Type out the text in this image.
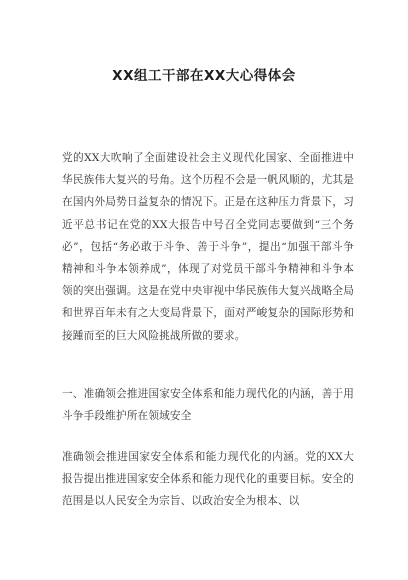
XX组工干部在XX大心得体会

党的XX大吹响了全面建设社会主义现代化国家、全面推进中华民族伟大复兴的号角。这个历程不会是一帆风顺的，尤其是在国内外局势日益复杂的情况下。正是在这种压力背景下，习近平总书记在党的XX大报告中号召全党同志要做到“三个务必”，包括“务必敢于斗争、善于斗争”，提出“加强干部斗争精神和斗争本领养成”，体现了对党员干部斗争精神和斗争本领的突出强调。这是在党中央审视中华民族伟大复兴战略全局和世界百年未有之大变局背景下，面对严峻复杂的国际形势和接踵而至的巨大风险挑战所做的要求。

一、准确领会推进国家安全体系和能力现代化的内涵，善于用斗争手段维护所在领域安全

准确领会推进国家安全体系和能力现代化的内涵。党的XX大报告提出推进国家安全体系和能力现代化的重要目标。安全的范围是以人民安全为宗旨、以政治安全为根本、以
